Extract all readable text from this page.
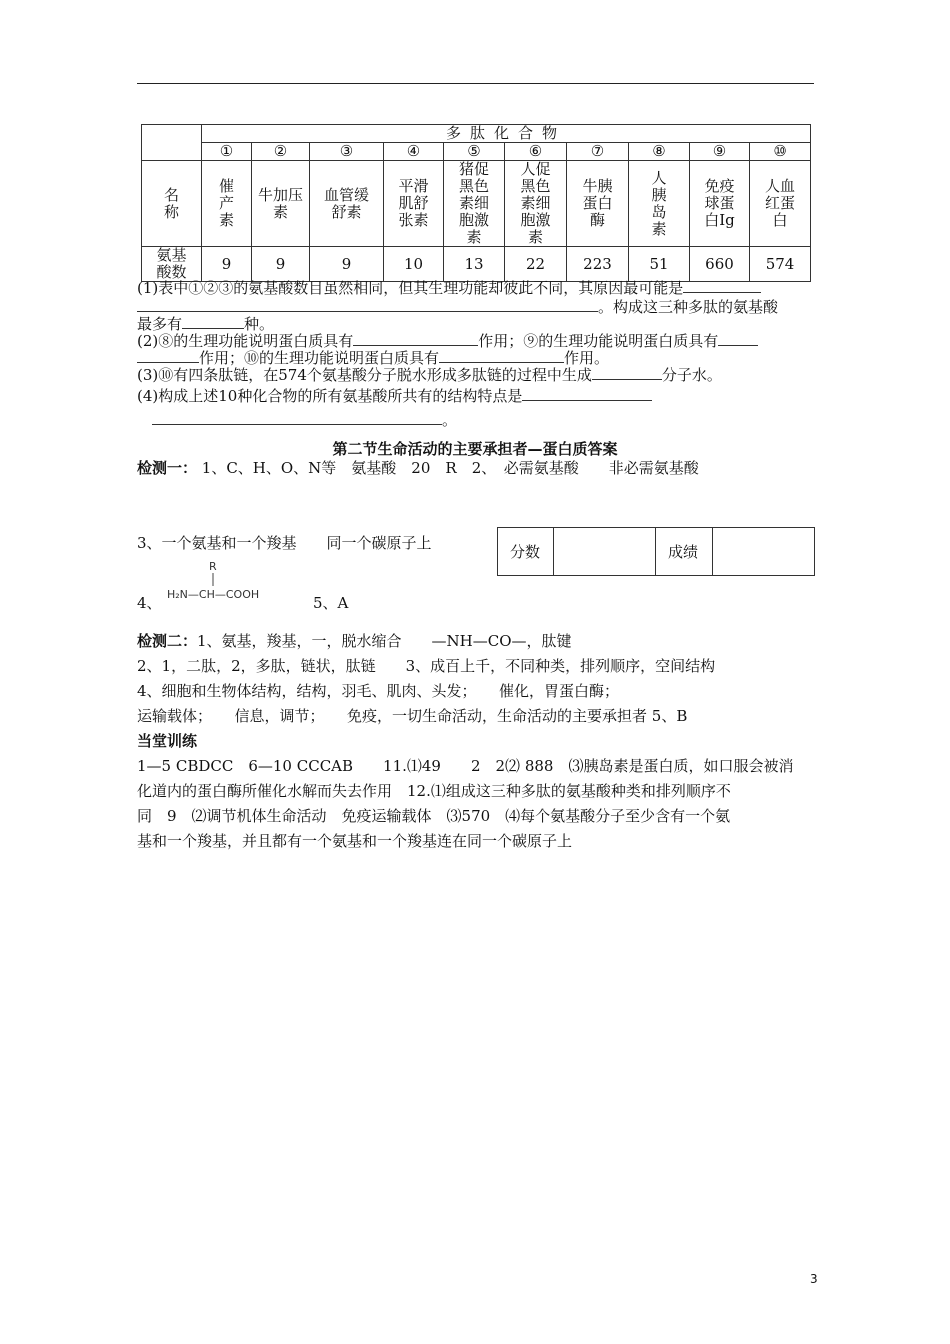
	多肽化合物									
	①	②	③	④	⑤	⑥	⑦	⑧	⑨	⑩

名称	催产素	牛加压素	血管缓舒素	平滑肌舒张素	猪促黑色素细胞激素	人促黑色素细胞激素	牛胰蛋白酶	人胰岛素	免疫球蛋白Ig	人血红蛋白

氨基酸数	9	9	9	10	13	22	223	51	660	574
(1)表中①②③的氨基酸数目虽然相同，但其生理功能却彼此不同，其原因最可能是
。构成这三种多肽的氨基酸
最多有	种。
(2)⑧的生理功能说明蛋白质具有	作用；⑨的生理功能说明蛋白质具有
作用；⑩的生理功能说明蛋白质具有	作用。
(3)⑩有四条肽链，在574个氨基酸分子脱水形成多肽链的过程中生成	分子水。
(4)构成上述10种化合物的所有氨基酸所共有的结构特点是
。
第二节生命活动的主要承担者—蛋白质答案
检测一： 1、C、H、O、N等　氨基酸　20　R　2、　必需氨基酸　　非必需氨基酸
3、一个氨基和一个羧基　　同一个碳原子上	分数		成绩	
R
H₂N—CH—COOH
4、	5、A
检测二：1、氨基，羧基，一，脱水缩合　　—NH—CO—，肽键
2、1，二肽，2，多肽，链状，肽链　　3、成百上千，不同种类，排列顺序，空间结构
4、细胞和生物体结构，结构，羽毛、肌肉、头发；　　催化，胃蛋白酶；
运输载体；　　信息，调节；　　免疫，一切生命活动，生命活动的主要承担者 5、B
当堂训练
1—5 CBDCC　6—10 CCCAB　　11.⑴49　　2　2⑵ 888　⑶胰岛素是蛋白质，如口服会被消
化道内的蛋白酶所催化水解而失去作用　12.⑴组成这三种多肽的氨基酸种类和排列顺序不
同　9　⑵调节机体生命活动　免疫运输载体　⑶570　⑷每个氨基酸分子至少含有一个氨
基和一个羧基，并且都有一个氨基和一个羧基连在同一个碳原子上
3
